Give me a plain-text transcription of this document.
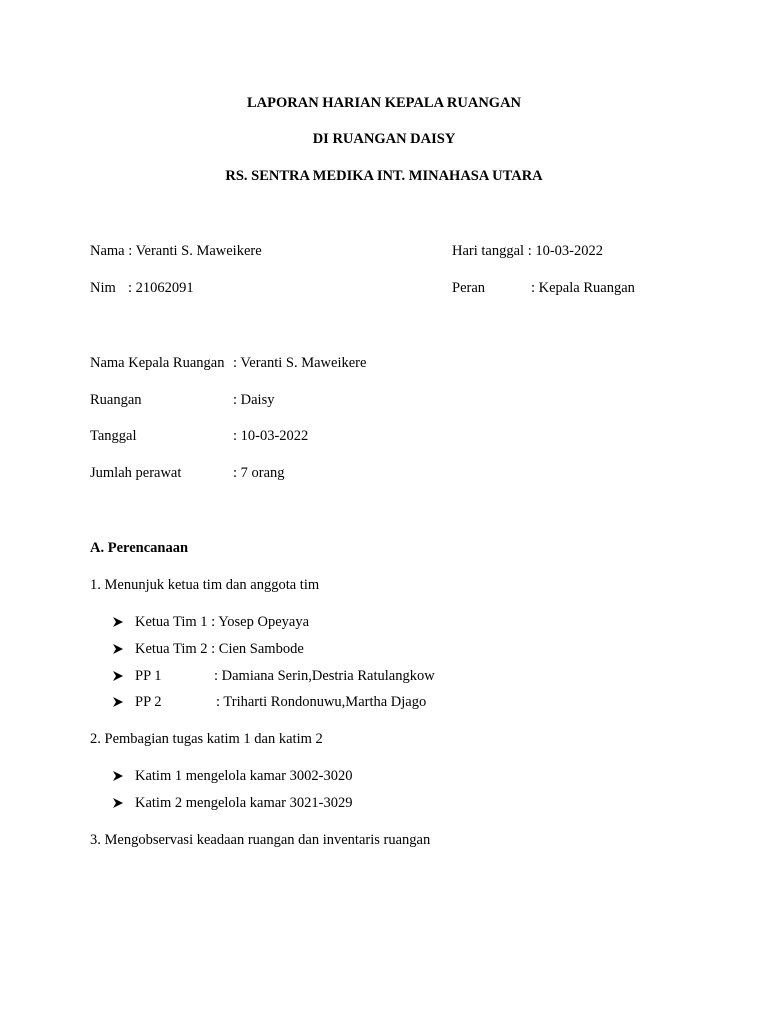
LAPORAN HARIAN KEPALA RUANGAN
DI RUANGAN DAISY
RS. SENTRA MEDIKA INT. MINAHASA UTARA
Nama : Veranti S. Maweikere	Hari tanggal : 10-03-2022
Nim : 21062091	Peran	: Kepala Ruangan
Nama Kepala Ruangan : Veranti S. Maweikere
Ruangan	: Daisy
Tanggal	: 10-03-2022
Jumlah perawat	: 7 orang
A. Perencanaan
1. Menunjuk ketua tim dan anggota tim
Ketua Tim 1 : Yosep Opeyaya
Ketua Tim 2 : Cien Sambode
PP 1	: Damiana Serin,Destria Ratulangkow
PP 2	: Triharti Rondonuwu,Martha Djago
2. Pembagian tugas katim 1 dan katim 2
Katim 1 mengelola kamar 3002-3020
Katim 2 mengelola kamar 3021-3029
3. Mengobservasi keadaan ruangan dan inventaris ruangan
